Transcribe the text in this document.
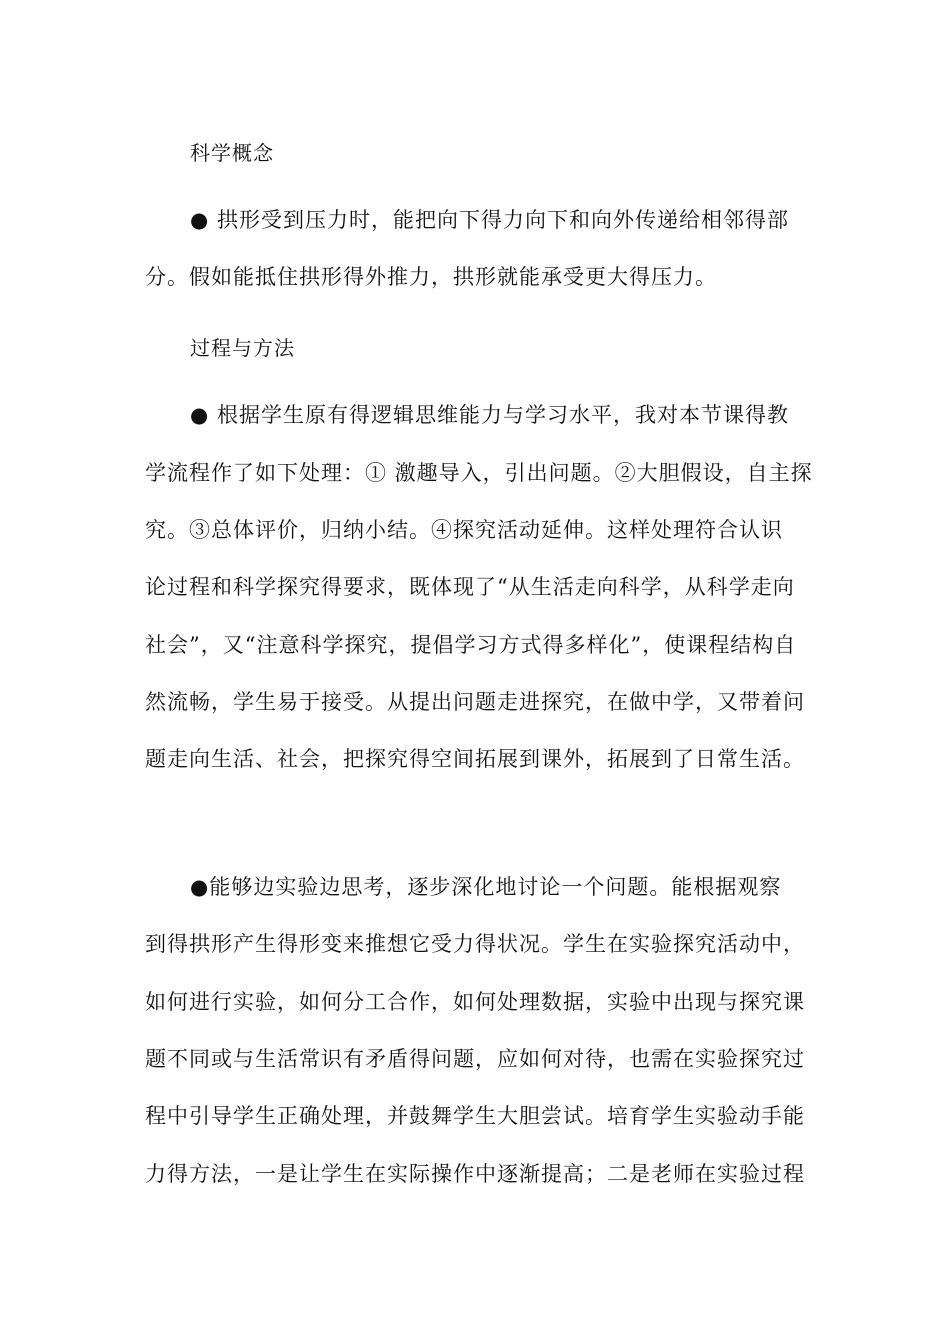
科学概念
● 拱形受到压力时，能把向下得力向下和向外传递给相邻得部
分。假如能抵住拱形得外推力，拱形就能承受更大得压力。
过程与方法
● 根据学生原有得逻辑思维能力与学习水平，我对本节课得教
学流程作了如下处理：① 激趣导入，引出问题。②大胆假设，自主探
究。③总体评价，归纳小结。④探究活动延伸。这样处理符合认识
论过程和科学探究得要求，既体现了“从生活走向科学，从科学走向
社会”，又“注意科学探究，提倡学习方式得多样化”，使课程结构自
然流畅，学生易于接受。从提出问题走进探究，在做中学，又带着问
题走向生活、社会，把探究得空间拓展到课外，拓展到了日常生活。
●能够边实验边思考，逐步深化地讨论一个问题。能根据观察
到得拱形产生得形变来推想它受力得状况。学生在实验探究活动中，
如何进行实验，如何分工合作，如何处理数据，实验中出现与探究课
题不同或与生活常识有矛盾得问题，应如何对待，也需在实验探究过
程中引导学生正确处理，并鼓舞学生大胆尝试。培育学生实验动手能
力得方法，一是让学生在实际操作中逐渐提高；二是老师在实验过程
